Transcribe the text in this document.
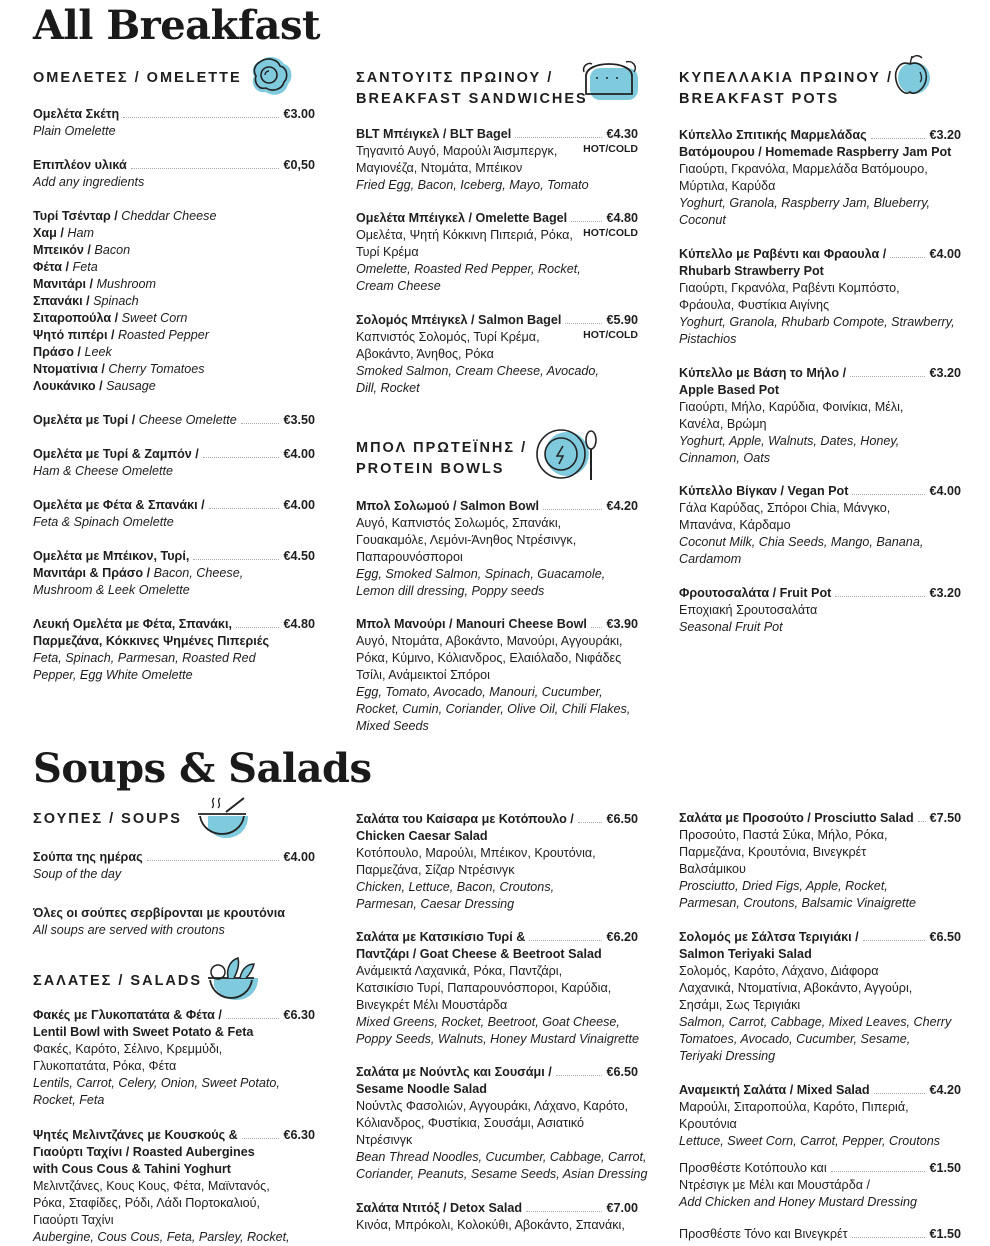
All Breakfast
Soups & Salads
ΟΜΕΛΕΤΕΣ / OMELETTE
Ομελέτα Σκέτη	€3.00
Plain Omelette
Επιπλέον υλικά	€0,50
Add any ingredients
Τυρί Τσένταρ / Cheddar Cheese
Χαμ / Ham
Μπεικόν / Bacon
Φέτα / Feta
Μανιτάρι / Mushroom
Σπανάκι / Spinach
Σιταροπούλα / Sweet Corn
Ψητό πιπέρι / Roasted Pepper
Πράσο / Leek
Ντοματίνια / Cherry Tomatoes
Λουκάνικο / Sausage
Ομελέτα με Τυρί / Cheese Omelette	€3.50
Ομελέτα με Τυρί & Ζαμπόν /	€4.00
Ham & Cheese Omelette
Ομελέτα με Φέτα & Σπανάκι /	€4.00
Feta & Spinach Omelette
Ομελέτα με Μπέικον, Τυρί,	€4.50
Μανιτάρι & Πράσο / Bacon, Cheese,
Mushroom & Leek Omelette
Λευκή Ομελέτα με Φέτα, Σπανάκι,	€4.80
Παρμεζάνα, Κόκκινες Ψημένες Πιπεριές
Feta, Spinach, Parmesan, Roasted Red
Pepper, Egg White Omelette
ΣΑΝΤΟΥΙΤΣ ΠΡΩΙΝΟΥ /
BREAKFAST SANDWICHES
BLT Μπέιγκελ / BLT Bagel	€4.30
Τηγανιτό Αυγό, Μαρούλι Άισμπεργκ,
Μαγιονέζα, Ντομάτα, Μπέικον
Fried Egg, Bacon, Iceberg, Mayo, Tomato
HOT/COLD
Ομελέτα Μπέιγκελ / Omelette Bagel	€4.80
Ομελέτα, Ψητή Κόκκινη Πιπεριά, Ρόκα,
Τυρί Κρέμα
Omelette, Roasted Red Pepper, Rocket,
Cream Cheese
HOT/COLD
Σολομός Μπέιγκελ / Salmon Bagel	€5.90
Καπνιστός Σολομός, Τυρί Κρέμα,
Αβοκάντο, Άνηθος, Ρόκα
Smoked Salmon, Cream Cheese, Avocado,
Dill, Rocket
HOT/COLD
ΜΠΟΛ ΠΡΩΤΕΪΝΗΣ /
PROTEIN BOWLS
Μπολ Σολωμού / Salmon Bowl	€4.20
Αυγό, Καπνιστός Σολωμός, Σπανάκι,
Γουακαμόλε, Λεμόνι-Άνηθος Ντρέσινγκ,
Παπαρουνόσποροι
Egg, Smoked Salmon, Spinach, Guacamole,
Lemon dill dressing, Poppy seeds
Μπολ Μανούρι / Manouri Cheese Bowl €3.90
Αυγό, Ντομάτα, Αβοκάντο, Μανούρι, Αγγουράκι,
Ρόκα, Κύμινο, Κόλιανδρος, Ελαιόλαδο, Νιφάδες
Τσίλι, Ανάμεικτοί Σπόροι
Egg, Tomato, Avocado, Manouri, Cucumber,
Rocket, Cumin, Coriander, Olive Oil, Chili Flakes,
Mixed Seeds
ΚΥΠΕΛΛΑΚΙΑ ΠΡΩΙΝΟΥ /
BREAKFAST POTS
Κύπελλο Σπιτικής Μαρμελάδας	€3.20
Βατόμουρου / Homemade Raspberry Jam Pot
Γιαούρτι, Γκρανόλα, Μαρμελάδα Βατόμουρο,
Μύρτιλα, Καρύδα
Yoghurt, Granola, Raspberry Jam, Blueberry,
Coconut
Κύπελλο με Ραβέντι και Φραουλα /	€4.00
Rhubarb Strawberry Pot
Γιαούρτι, Γκρανόλα, Ραβέντι Κομπόστο,
Φράουλα, Φυστίκια Αιγίνης
Yoghurt, Granola, Rhubarb Compote, Strawberry,
Pistachios
Κύπελλο με Βάση το Μήλο /	€3.20
Apple Based Pot
Γιαούρτι, Μήλο, Καρύδια, Φοινίκια, Μέλι,
Κανέλα, Βρώμη
Yoghurt, Apple, Walnuts, Dates, Honey,
Cinnamon, Oats
Κύπελλο Βίγκαν / Vegan Pot	€4.00
Γάλα Καρύδας, Σπόροι Chia, Μάνγκο,
Μπανάνα, Κάρδαμο
Coconut Milk, Chia Seeds, Mango, Banana,
Cardamom
Φρουτοσαλάτα / Fruit Pot	€3.20
Εποχιακή Σρουτοσαλάτα
Seasonal Fruit Pot
ΣΟΥΠΕΣ / SOUPS
Σούπα της ημέρας	€4.00
Soup of the day
Όλες οι σούπες σερβίρονται με κρουτόνια
All soups are served with croutons
ΣΑΛΑΤΕΣ / SALADS
Φακές με Γλυκοπατάτα & Φέτα /	€6.30
Lentil Bowl with Sweet Potato & Feta
Φακές, Καρότο, Σέλινο, Κρεμμύδι,
Γλυκοπατάτα, Ρόκα, Φέτα
Lentils, Carrot, Celery, Onion, Sweet Potato,
Rocket, Feta
Ψητές Μελιντζάνες με Κουσκούς &	€6.30
Γιαούρτι Ταχίνι / Roasted Aubergines
with Cous Cous & Tahini Yoghurt
Μελιντζάνες, Κους Κους, Φέτα, Μαϊντανός,
Ρόκα, Σταφίδες, Ρόδι, Λάδι Πορτοκαλιού,
Γιαούρτι Ταχίνι
Aubergine, Cous Cous, Feta, Parsley, Rocket,
Σαλάτα του Καίσαρα με Κοτόπουλο /	€6.50
Chicken Caesar Salad
Κοτόπουλο, Μαρούλι, Μπέικον, Κρουτόνια,
Παρμεζάνα, Σίζαρ Ντρέσινγκ
Chicken, Lettuce, Bacon, Croutons,
Parmesan, Caesar Dressing
Σαλάτα με Κατσικίσιο Τυρί &	€6.20
Παντζάρι / Goat Cheese & Beetroot Salad
Ανάμεικτά Λαχανικά, Ρόκα, Παντζάρι,
Κατσικίσιο Τυρί, Παπαρουνόσποροι, Καρύδια,
Βινεγκρέτ Μέλι Μουστάρδα
Mixed Greens, Rocket, Beetroot, Goat Cheese,
Poppy Seeds, Walnuts, Honey Mustard Vinaigrette
Σαλάτα με Νούντλς και Σουσάμι /	€6.50
Sesame Noodle Salad
Νούντλς Φασολιών, Αγγουράκι, Λάχανο, Καρότο,
Κόλιανδρος, Φυστίκια, Σουσάμι, Ασιατικό
Ντρέσινγκ
Bean Thread Noodles, Cucumber, Cabbage, Carrot,
Coriander, Peanuts, Sesame Seeds, Asian Dressing
Σαλάτα Ντιτόξ / Detox Salad	€7.00
Κινόα, Μπρόκολι, Κολοκύθι, Αβοκάντο, Σπανάκι,
Σαλάτα με Προσούτο / Prosciutto Salad €7.50
Προσούτο, Παστά Σύκα, Μήλο, Ρόκα,
Παρμεζάνα, Κρουτόνια, Βινεγκρέτ
Βαλσάμικου
Prosciutto, Dried Figs, Apple, Rocket,
Parmesan, Croutons, Balsamic Vinaigrette
Σολομός με Σάλτσα Τεριγιάκι /	€6.50
Salmon Teriyaki Salad
Σολομός, Καρότο, Λάχανο, Διάφορα
Λαχανικά, Ντοματίνια, Αβοκάντο, Αγγούρι,
Σησάμι, Σως Τεριγιάκι
Salmon, Carrot, Cabbage, Mixed Leaves, Cherry
Tomatoes, Avocado, Cucumber, Sesame,
Teriyaki Dressing
Αναμεικτή Σαλάτα / Mixed Salad	€4.20
Μαρούλι, Σιταροπούλα, Καρότο, Πιπεριά,
Κρουτόνια
Lettuce, Sweet Corn, Carrot, Pepper, Croutons
Προσθέστε Κοτόπουλο και	€1.50
Ντρέσιγκ με Μέλι και Μουστάρδα /
Add Chicken and Honey Mustard Dressing
Προσθέστε Τόνο και Βινεγκρέτ	€1.50
